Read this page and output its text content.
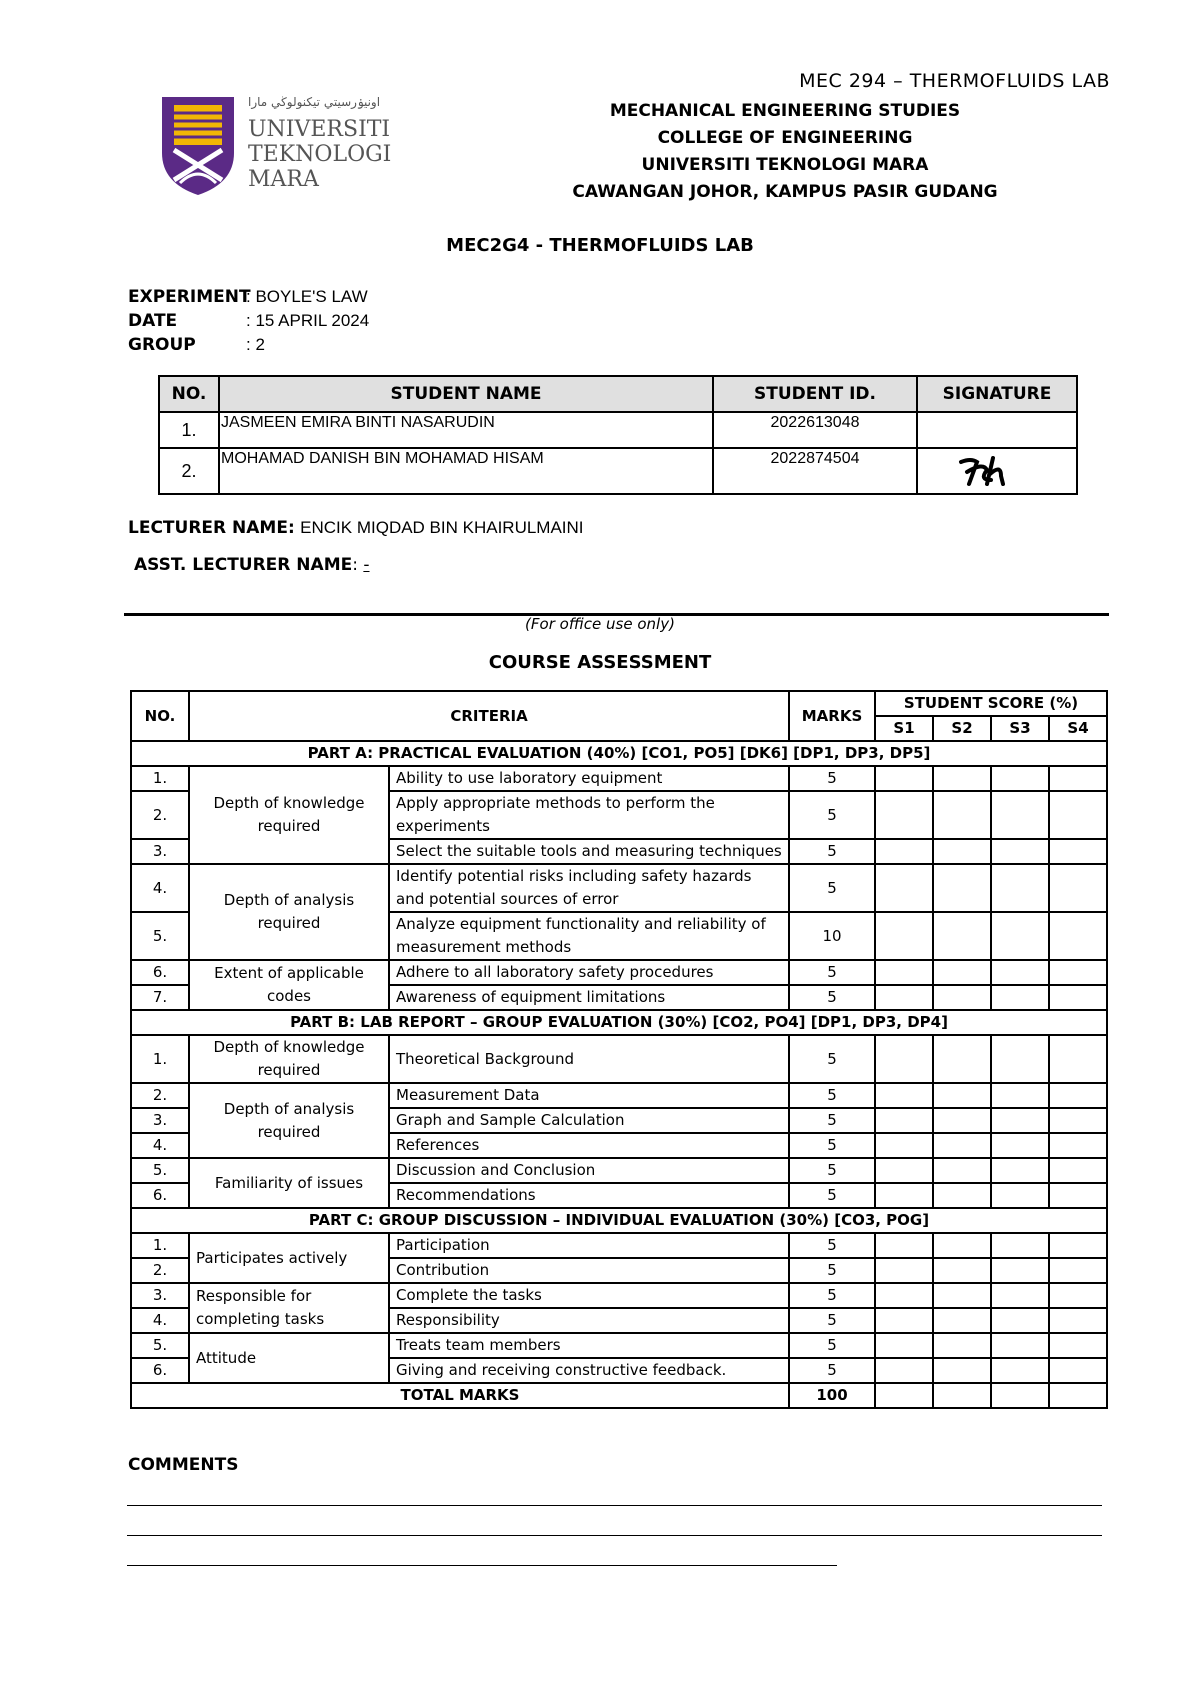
MEC 294 – THERMOFLUIDS LAB
اونيۏرسيتي تيكنولوڬي مارا
UNIVERSITI
TEKNOLOGI
MARA
MECHANICAL ENGINEERING STUDIES
COLLEGE OF ENGINEERING
UNIVERSITI TEKNOLOGI MARA
CAWANGAN JOHOR, KAMPUS PASIR GUDANG
MEC2G4 - THERMOFLUIDS LAB
EXPERIMENT
: BOYLE'S LAW
DATE	: 15 APRIL 2024
GROUP	: 2
NO.	STUDENT NAME	STUDENT ID.	SIGNATURE
1.	JASMEEN EMIRA BINTI NASARUDIN	2022613048	
2.	MOHAMAD DANISH BIN MOHAMAD HISAM	2022874504	
LECTURER NAME: ENCIK MIQDAD BIN KHAIRULMAINI
ASST. LECTURER NAME: -
(For office use only)
COURSE ASSESSMENT
NO.	CRITERIA		MARKS	STUDENT SCORE (%)			
				S1	S2	S3	S4
PART A: PRACTICAL EVALUATION (40%) [CO1, PO5] [DK6] [DP1, DP3, DP5]							
1.	Depth of knowledge required	Ability to use laboratory equipment	5				
2.		Apply appropriate methods to perform the experiments	5				
3.		Select the suitable tools and measuring techniques	5				
4.	Depth of analysis required	Identify potential risks including safety hazards and potential sources of error	5				
5.		Analyze equipment functionality and reliability of measurement methods	10				
6.	Extent of applicable codes	Adhere to all laboratory safety procedures	5				
7.		Awareness of equipment limitations	5				
PART B: LAB REPORT – GROUP EVALUATION (30%) [CO2, PO4] [DP1, DP3, DP4]							
1.	Depth of knowledge required	Theoretical Background	5				
2.	Depth of analysis required	Measurement Data	5				
3.		Graph and Sample Calculation	5				
4.		References	5				
5.	Familiarity of issues	Discussion and Conclusion	5				
6.		Recommendations	5				
PART C: GROUP DISCUSSION – INDIVIDUAL EVALUATION (30%) [CO3, POG]							
1.	Participates actively	Participation	5				
2.		Contribution	5				
3.	Responsible for completing tasks	Complete the tasks	5				
4.		Responsibility	5				
5.	Attitude	Treats team members	5				
6.		Giving and receiving constructive feedback.	5				
TOTAL MARKS			100				
COMMENTS
